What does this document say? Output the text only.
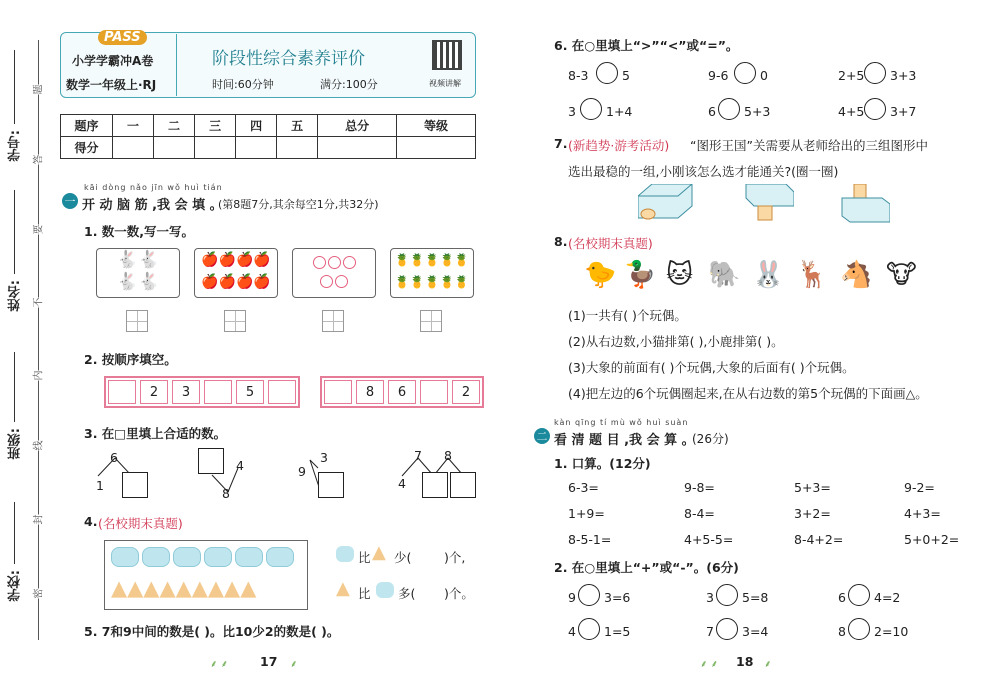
学校:
班级:
姓名:
学号:
题
答
要
不
内
线
封
密
PASS
小学学霸冲A卷
数学一年级上·RJ
阶段性综合素养评价
时间:60分钟	满分:100分	视频讲解
题序	一	二	三	四	五	总分	等级
得分							
kāi dòng nǎo jīn wǒ huì tián
一 开 动 脑 筋 ,我 会 填 。
(第8题7分,其余每空1分,共32分)
1. 数一数,写一写。
🐇🐇
🐇🐇
🍎🍎🍎🍎
🍎🍎🍎🍎

🍍🍍🍍🍍🍍
🍍🍍🍍🍍🍍
2. 按顺序填空。
2	3	5	8	6	2
3. 在□里填上合适的数。
6
1
4
8
9
3	7 8
4
4. (名校期末真题)
▲▲▲▲▲▲▲▲▲
比 ▲ 少(	)个,
▲ 比 多( )个。
5. 7和9中间的数是( )。比10少2的数是( )。
⸙ ⸙	17 ⸙
6. 在○里填上“>”“<”或“=”。
8-3	5	9-6	0	2+5 3+3
3 1+4	6 5+3	4+5 3+7
7. (新趋势·游考活动) “图形王国”关需要从老师给出的三组图形中
选出最稳的一组,小刚该怎么选才能通关?(圈一圈)
8. (名校期末真题)
🐤 🦆 🐱 🐘 🐰 🦌 🐴 🐮
(1)一共有( )个玩偶。
(2)从右边数,小猫排第( ),小鹿排第( )。
(3)大象的前面有( )个玩偶,大象的后面有( )个玩偶。
(4)把左边的6个玩偶圈起来,在从右边数的第5个玩偶的下面画△。
kàn qīng tí mù wǒ huì suàn
二 看 清 题 目 ,我 会 算 。
(26分)
1. 口算。(12分)
6-3=	9-8=	5+3=	9-2=
1+9=	8-4=	3+2=	4+3=
8-5-1=	4+5-5=	8-4+2=	5+0+2=
2. 在○里填上“+”或“-”。(6分)
9 3=6	3 5=8	6 4=2
4 1=5	7 3=4	8 2=10
⸙ ⸙ 18 ⸙
